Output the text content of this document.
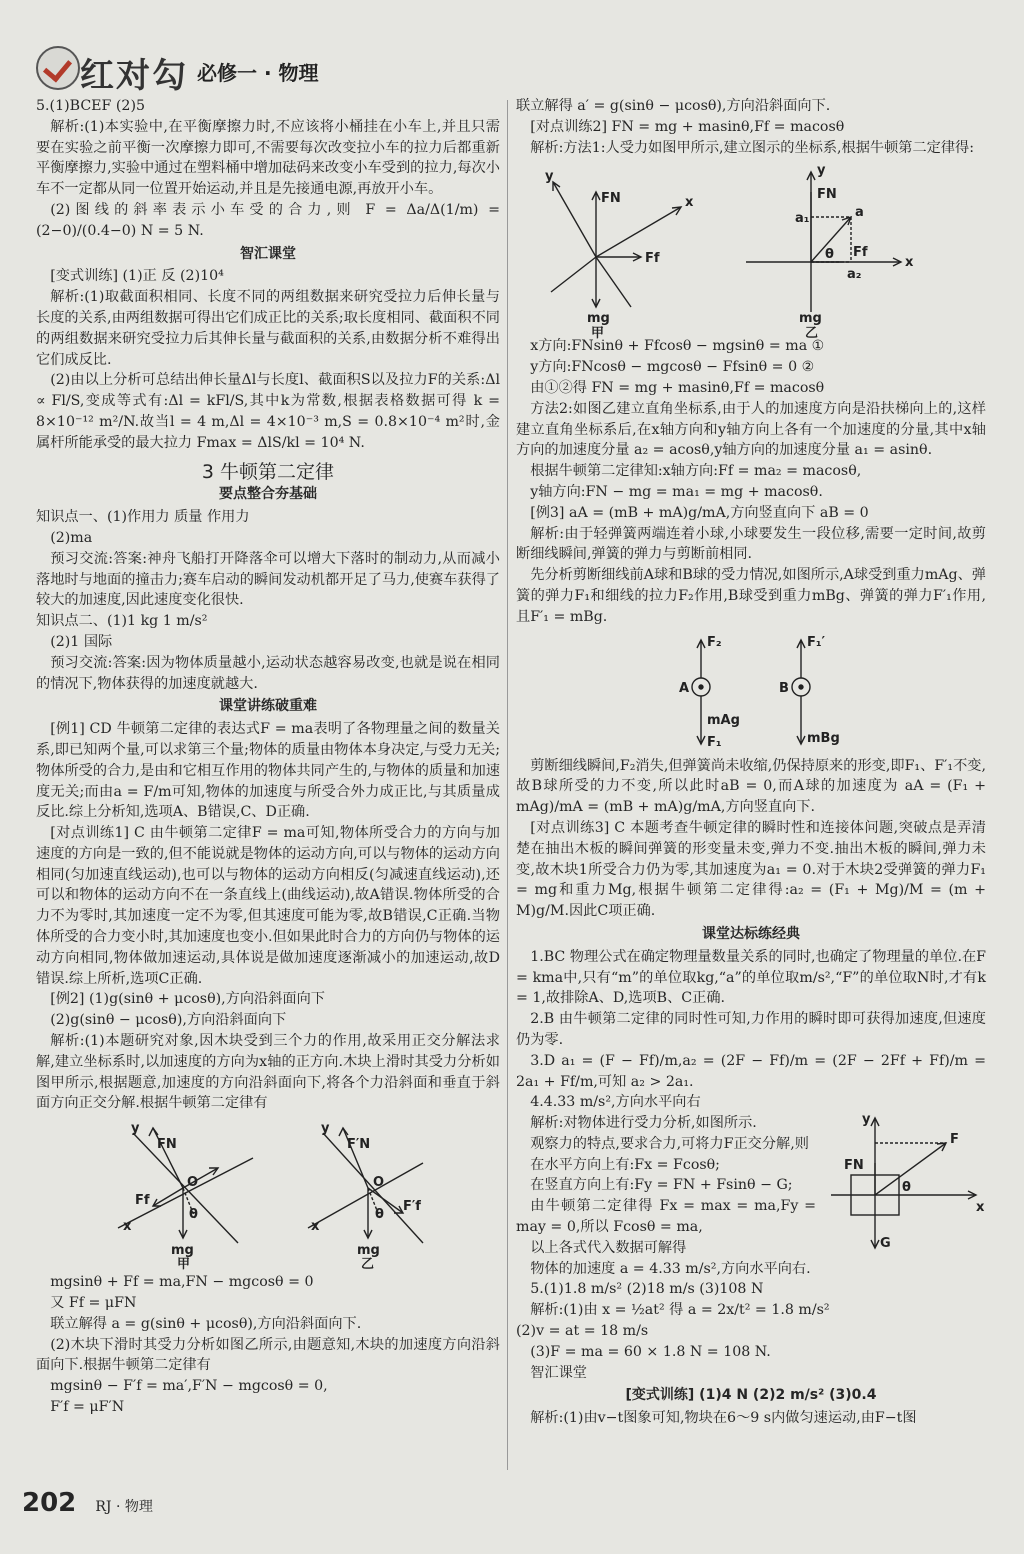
红对勾 必修一 · 物理

5.(1)BCEF (2)5

解析:(1)本实验中,在平衡摩擦力时,不应该将小桶挂在小车上,并且只需要在实验之前平衡一次摩擦力即可,不需要每次改变拉小车的拉力后都重新平衡摩擦力,实验中通过在塑料桶中增加砝码来改变小车受到的拉力,每次小车不一定都从同一位置开始运动,并且是先接通电源,再放开小车。

(2)图线的斜率表示小车受的合力,则 F = Δa/Δ(1/m) = (2−0)/(0.4−0) N = 5 N.

智汇课堂

[变式训练] (1)正 反 (2)10⁴

解析:(1)取截面积相同、长度不同的两组数据来研究受拉力后伸长量与长度的关系,由两组数据可得出它们成正比的关系;取长度相同、截面积不同的两组数据来研究受拉力后其伸长量与截面积的关系,由数据分析不难得出它们成反比.

(2)由以上分析可总结出伸长量Δl与长度l、截面积S以及拉力F的关系:Δl ∝ Fl/S,变成等式有:Δl = kFl/S,其中k为常数,根据表格数据可得 k = 8×10⁻¹² m²/N.故当l = 4 m,Δl = 4×10⁻³ m,S = 0.8×10⁻⁴ m²时,金属杆所能承受的最大拉力 Fmax = ΔlS/kl = 10⁴ N.

3 牛顿第二定律

要点整合夯基础

知识点一、(1)作用力 质量 作用力

(2)ma

预习交流:答案:神舟飞船打开降落伞可以增大下落时的制动力,从而减小落地时与地面的撞击力;赛车启动的瞬间发动机都开足了马力,使赛车获得了较大的加速度,因此速度变化很快.

知识点二、(1)1 kg 1 m/s²

(2)1 国际

预习交流:答案:因为物体质量越小,运动状态越容易改变,也就是说在相同的情况下,物体获得的加速度就越大.

课堂讲练破重难

[例1] CD 牛顿第二定律的表达式F = ma表明了各物理量之间的数量关系,即已知两个量,可以求第三个量;物体的质量由物体本身决定,与受力无关;物体所受的合力,是由和它相互作用的物体共同产生的,与物体的质量和加速度无关;而由a = F/m可知,物体的加速度与所受合外力成正比,与其质量成反比.综上分析知,选项A、B错误,C、D正确.

[对点训练1] C 由牛顿第二定律F = ma可知,物体所受合力的方向与加速度的方向是一致的,但不能说就是物体的运动方向,可以与物体的运动方向相同(匀加速直线运动),也可以与物体的运动方向相反(匀减速直线运动),还可以和物体的运动方向不在一条直线上(曲线运动),故A错误.物体所受的合力不为零时,其加速度一定不为零,但其速度可能为零,故B错误,C正确.当物体所受的合力变小时,其加速度也变小.但如果此时合力的方向仍与物体的运动方向相同,物体做加速运动,具体说是做加速度逐渐减小的加速运动,故D错误.综上所析,选项C正确.

[例2] (1)g(sinθ + μcosθ),方向沿斜面向下

(2)g(sinθ − μcosθ),方向沿斜面向下

解析:(1)本题研究对象,因木块受到三个力的作用,故采用正交分解法求解,建立坐标系时,以加速度的方向为x轴的正方向.木块上滑时其受力分析如图甲所示,根据题意,加速度的方向沿斜面向下,将各个力沿斜面和垂直于斜面方向正交分解.根据牛顿第二定律有

FN
O
θ
Ff
x
y
mg
甲
F′N
O
θ
F′f
x
y
mg
乙

mgsinθ + Ff = ma,FN − mgcosθ = 0

又 Ff = μFN

联立解得 a = g(sinθ + μcosθ),方向沿斜面向下.

(2)木块下滑时其受力分析如图乙所示,由题意知,木块的加速度方向沿斜面向下.根据牛顿第二定律有

mgsinθ − F′f = ma′,F′N − mgcosθ = 0,

F′f = μF′N

联立解得 a′ = g(sinθ − μcosθ),方向沿斜面向下.

[对点训练2] FN = mg + masinθ,Ff = macosθ

解析:方法1:人受力如图甲所示,建立图示的坐标系,根据牛顿第二定律得:

y
x
FN
Ff
mg
甲
y
x
FN
a₁	a
θ Ff
a₂
mg
乙

x方向:FNsinθ + Ffcosθ − mgsinθ = ma ①

y方向:FNcosθ − mgcosθ − Ffsinθ = 0 ②

由①②得 FN = mg + masinθ,Ff = macosθ

方法2:如图乙建立直角坐标系,由于人的加速度方向是沿扶梯向上的,这样建立直角坐标系后,在x轴方向和y轴方向上各有一个加速度的分量,其中x轴方向的加速度分量 a₂ = acosθ,y轴方向的加速度分量 a₁ = asinθ.

根据牛顿第二定律知:x轴方向:Ff = ma₂ = macosθ,

y轴方向:FN − mg = ma₁ = mg + macosθ.

[例3] aA = (mB + mA)g/mA,方向竖直向下 aB = 0

解析:由于轻弹簧两端连着小球,小球要发生一段位移,需要一定时间,故剪断细线瞬间,弹簧的弹力与剪断前相同.

先分析剪断细线前A球和B球的受力情况,如图所示,A球受到重力mAg、弹簧的弹力F₁和细线的拉力F₂作用,B球受到重力mBg、弹簧的弹力F′₁作用,且F′₁ = mBg.

F₂
A
mAg
F₁
F₁′
B
mBg

剪断细线瞬间,F₂消失,但弹簧尚未收缩,仍保持原来的形变,即F₁、F′₁不变,故B球所受的力不变,所以此时aB = 0,而A球的加速度为 aA = (F₁ + mAg)/mA = (mB + mA)g/mA,方向竖直向下.

[对点训练3] C 本题考查牛顿定律的瞬时性和连接体问题,突破点是弄清楚在抽出木板的瞬间弹簧的形变量未变,弹力不变.抽出木板的瞬间,弹力未变,故木块1所受合力仍为零,其加速度为a₁ = 0.对于木块2受弹簧的弹力F₁ = mg和重力Mg,根据牛顿第二定律得:a₂ = (F₁ + Mg)/M = (m + M)g/M.因此C项正确.

课堂达标练经典

1.BC 物理公式在确定物理量数量关系的同时,也确定了物理量的单位.在F = kma中,只有“m”的单位取kg,“a”的单位取m/s²,“F”的单位取N时,才有k = 1,故排除A、D,选项B、C正确.

2.B 由牛顿第二定律的同时性可知,力作用的瞬时即可获得加速度,但速度仍为零.

3.D a₁ = (F − Ff)/m,a₂ = (2F − Ff)/m = (2F − 2Ff + Ff)/m = 2a₁ + Ff/m,可知 a₂ > 2a₁.

4.4.33 m/s²,方向水平向右

y
F
FN
θ
x
G

解析:对物体进行受力分析,如图所示.

观察力的特点,要求合力,可将力F正交分解,则

在水平方向上有:Fx = Fcosθ;

在竖直方向上有:Fy = FN + Fsinθ − G;

由牛顿第二定律得 Fx = max = ma,Fy = may = 0,所以 Fcosθ = ma,

以上各式代入数据可解得

物体的加速度 a = 4.33 m/s²,方向水平向右.

5.(1)1.8 m/s² (2)18 m/s (3)108 N

解析:(1)由 x = ½at² 得 a = 2x/t² = 1.8 m/s²

(2)v = at = 18 m/s

(3)F = ma = 60 × 1.8 N = 108 N.

智汇课堂

[变式训练] (1)4 N (2)2 m/s² (3)0.4

解析:(1)由v−t图象可知,物块在6～9 s内做匀速运动,由F−t图

202 RJ · 物理
